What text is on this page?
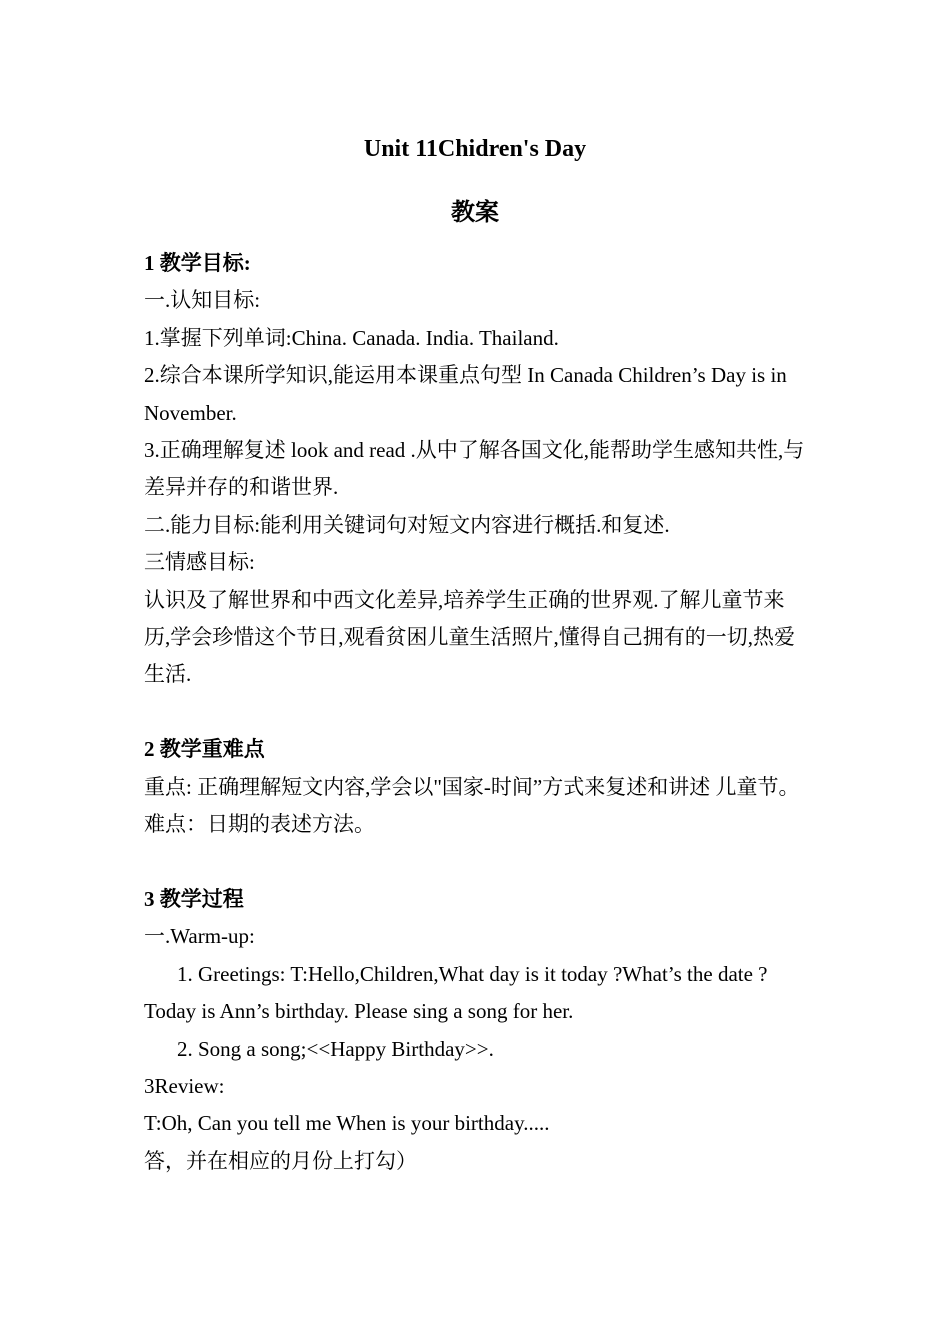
Unit 11Chidren's Day
教案

1 教学目标:

一.认知目标:

1.掌握下列单词:China. Canada. India. Thailand.

2.综合本课所学知识,能运用本课重点句型 In Canada Children’s Day is in November.

3.正确理解复述 look and read .从中了解各国文化,能帮助学生感知共性,与差异并存的和谐世界.

二.能力目标:能利用关键词句对短文内容进行概括.和复述.

三情感目标:

认识及了解世界和中西文化差异,培养学生正确的世界观.了解儿童节来历,学会珍惜这个节日,观看贫困儿童生活照片,懂得自己拥有的一切,热爱生活.

2 教学重难点

重点: 正确理解短文内容,学会以"国家-时间”方式来复述和讲述 儿童节。

难点：日期的表述方法。

3 教学过程

一.Warm-up:

1. Greetings: T:Hello,Children,What day is it today ?What’s the date ?Today is Ann’s birthday. Please sing a song for her.

2. Song a song;<<Happy Birthday>>.

3Review:

T:Oh, Can you tell me When is your birthday.....

答，并在相应的月份上打勾）
